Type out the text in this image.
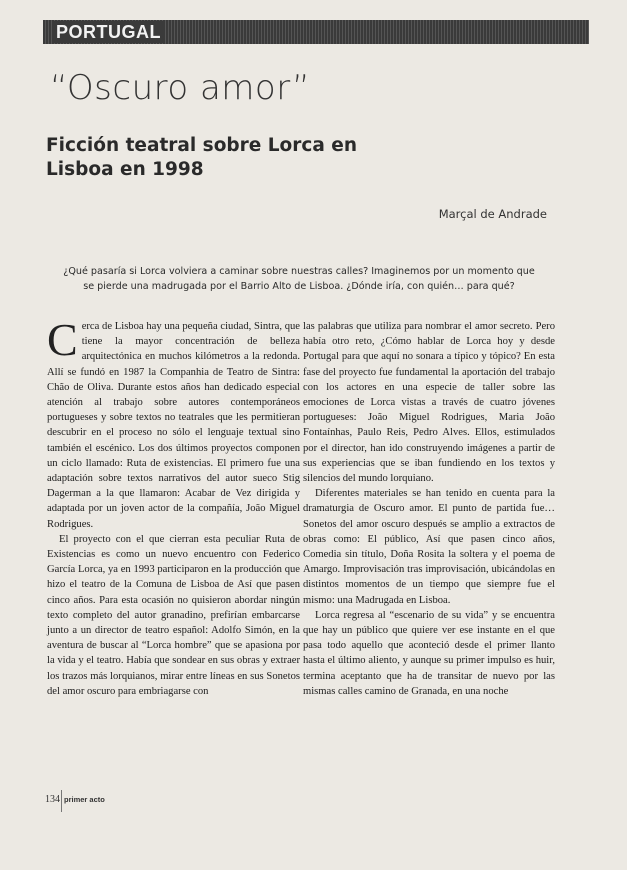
PORTUGAL
“Oscuro amor”
Ficción teatral sobre Lorca en Lisboa en 1998
Marçal de Andrade
¿Qué pasaría si Lorca volviera a caminar sobre nuestras calles? Imaginemos por un momento que se pierde una madrugada por el Barrio Alto de Lisboa. ¿Dónde iría, con quién… para qué?

Cerca de Lisboa hay una pequeña ciudad, Sintra, que tiene la mayor concentración de belleza arquitectónica en muchos kilómetros a la redonda. Allí se fundó en 1987 la Companhia de Teatro de Sintra: Chão de Oliva. Durante estos años han dedicado especial atención al trabajo sobre autores contemporáneos portugueses y sobre textos no teatrales que les permitieran descubrir en el proceso no sólo el lenguaje textual sino también el escénico. Los dos últimos proyectos componen un ciclo llamado: Ruta de existencias. El primero fue una adaptación sobre textos narrativos del autor sueco Stig Dagerman a la que llamaron: Acabar de Vez dirigida y adaptada por un joven actor de la compañía, João Miguel Rodrigues.

El proyecto con el que cierran esta peculiar Ruta de Existencias es como un nuevo encuentro con Federico García Lorca, ya en 1993 participaron en la producción que hizo el teatro de la Comuna de Lisboa de Así que pasen cinco años. Para esta ocasión no quisieron abordar ningún texto completo del autor granadino, prefirían embarcarse junto a un director de teatro español: Adolfo Simón, en la aventura de buscar al “Lorca hombre” que se apasiona por la vida y el teatro. Había que sondear en sus obras y extraer los trazos más lorquianos, mirar entre líneas en sus Sonetos del amor oscuro para embriagarse con

las palabras que utiliza para nombrar el amor secreto. Pero había otro reto, ¿Cómo hablar de Lorca hoy y desde Portugal para que aquí no sonara a típico y tópico? En esta fase del proyecto fue fundamental la aportación del trabajo con los actores en una especie de taller sobre las emociones de Lorca vistas a través de cuatro jóvenes portugueses: João Miguel Rodrigues, Maria João Fontaínhas, Paulo Reis, Pedro Alves. Ellos, estimulados por el director, han ido construyendo imágenes a partir de sus experiencias que se iban fundiendo en los textos y silencios del mundo lorquiano.

Diferentes materiales se han tenido en cuenta para la dramaturgia de Oscuro amor. El punto de partida fue… Sonetos del amor oscuro después se amplio a extractos de obras como: El público, Así que pasen cinco años, Comedia sin título, Doña Rosita la soltera y el poema de Amargo. Improvisación tras improvisación, ubicándolas en distintos momentos de un tiempo que siempre fue el mismo: una Madrugada en Lisboa.

Lorca regresa al “escenario de su vida” y se encuentra que hay un público que quiere ver ese instante en el que pasa todo aquello que aconteció desde el primer llanto hasta el último aliento, y aunque su primer impulso es huir, termina aceptanto que ha de transitar de nuevo por las mismas calles camino de Granada, en una noche

134 primer acto
